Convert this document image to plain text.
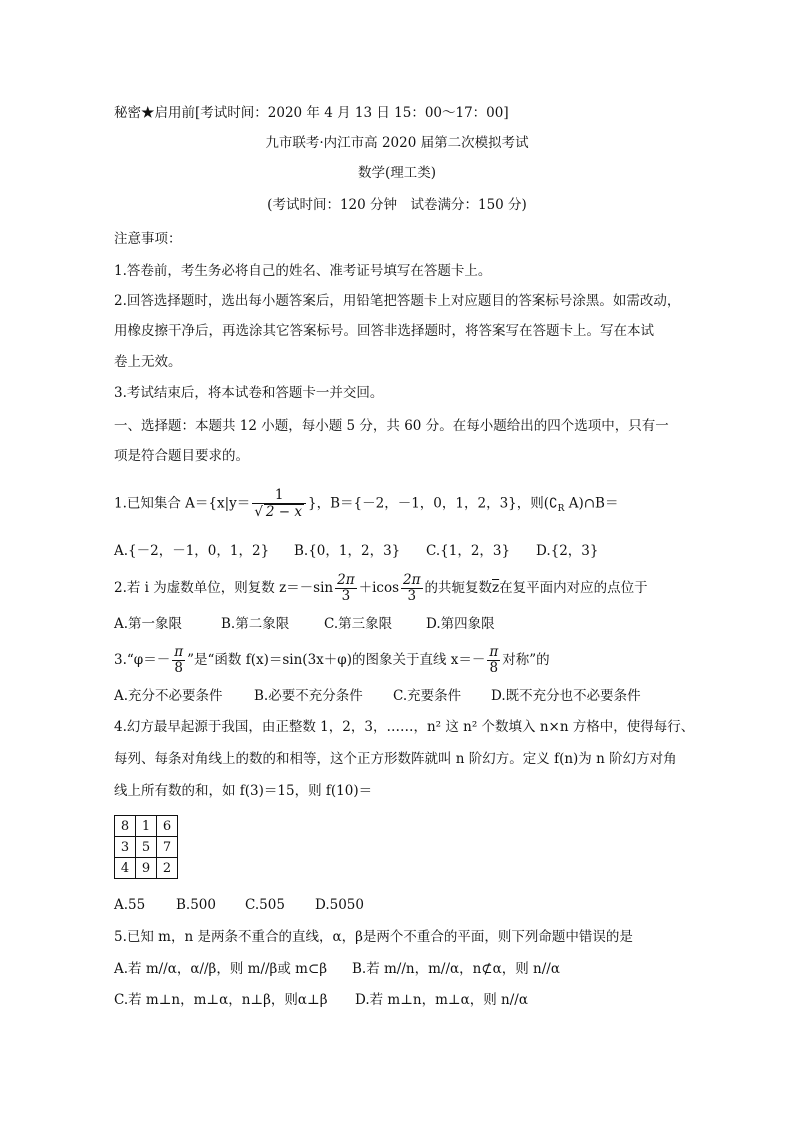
秘密★启用前[考试时间：2020 年 4 月 13 日 15：00～17：00]
九市联考·内江市高 2020 届第二次模拟考试
数学(理工类)
(考试时间：120 分钟　试卷满分：150 分)
注意事项：
1.答卷前，考生务必将自己的姓名、准考证号填写在答题卡上。
2.回答选择题时，选出每小题答案后，用铅笔把答题卡上对应题目的答案标号涂黑。如需改动，
用橡皮擦干净后，再选涂其它答案标号。回答非选择题时，将答案写在答题卡上。写在本试
卷上无效。
3.考试结束后，将本试卷和答题卡一并交回。
一、选择题：本题共 12 小题，每小题 5 分，共 60 分。在每小题给出的四个选项中，只有一
项是符合题目要求的。
1.已知集合 $A=\{x|y= \frac{1}{√ 2 - x}$ }，B＝{－2，－1，0，1，2，3}，则($∁_R$ A)∩B＝
A.{－2，－1，0，1，2} B.{0，1，2，3} C.{1，2，3} D.{2，3}
2.若 i 为虚数单位，则复数 $z=-\sin \frac{2\pi}{3} +icos \frac{2\pi}{3}$ 的共轭复数$\overline{z}$在复平面内对应的点位于
A.第一象限	B.第二象限	C.第三象限	D.第四象限
3.“φ＝－ $\frac{\pi}{8}$ ”是“函数 f(x)＝sin(3x＋φ)的图象关于直线 $x=- \frac{\pi}{8}$ 对称”的
A.充分不必要条件 B.必要不充分条件 C.充要条件 D.既不充分也不必要条件
4.幻方最早起源于我国，由正整数 1，2，3，……，n² 这 n² 个数填入 n×n 方格中，使得每行、
每列、每条对角线上的数的和相等，这个正方形数阵就叫 n 阶幻方。定义 f(n)为 n 阶幻方对角
线上所有数的和，如 f(3)＝15，则 f(10)＝
8	1	6
3	5	7
4	9	2
A.55 B.500 C.505 D.5050
5.已知 m，n 是两条不重合的直线，α，β是两个不重合的平面，则下列命题中错误的是
A.若 m//α，α//β，则 m//β或 m⊂β B.若 m//n，m//α，n⊄α，则 n//α
C.若 m⊥n，m⊥α，n⊥β，则α⊥β D.若 m⊥n，m⊥α，则 n//α
